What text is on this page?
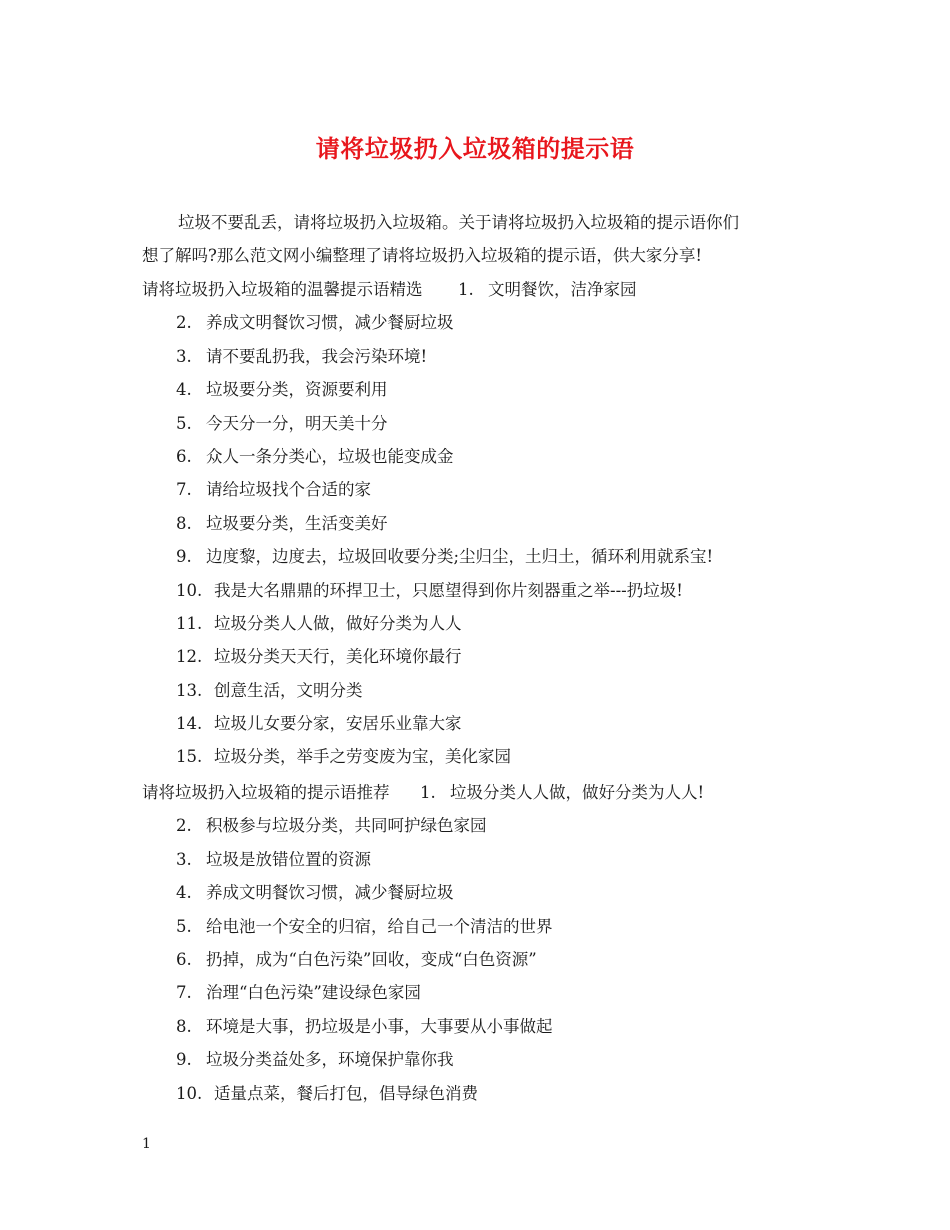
请将垃圾扔入垃圾箱的提示语
垃圾不要乱丢，请将垃圾扔入垃圾箱。关于请将垃圾扔入垃圾箱的提示语你们
想了解吗?那么范文网小编整理了请将垃圾扔入垃圾箱的提示语，供大家分享!
请将垃圾扔入垃圾箱的温馨提示语精选 1. 文明餐饮，洁净家园
2. 养成文明餐饮习惯，减少餐厨垃圾
3. 请不要乱扔我，我会污染环境!
4. 垃圾要分类，资源要利用
5. 今天分一分，明天美十分
6. 众人一条分类心，垃圾也能变成金
7. 请给垃圾找个合适的家
8. 垃圾要分类，生活变美好
9. 边度黎，边度去，垃圾回收要分类;尘归尘，土归土，循环利用就系宝!
10. 我是大名鼎鼎的环捍卫士，只愿望得到你片刻器重之举---扔垃圾!
11. 垃圾分类人人做，做好分类为人人
12. 垃圾分类天天行，美化环境你最行
13. 创意生活，文明分类
14. 垃圾儿女要分家，安居乐业靠大家
15. 垃圾分类，举手之劳变废为宝，美化家园
请将垃圾扔入垃圾箱的提示语推荐 1. 垃圾分类人人做，做好分类为人人!
2. 积极参与垃圾分类，共同呵护绿色家园
3. 垃圾是放错位置的资源
4. 养成文明餐饮习惯，减少餐厨垃圾
5. 给电池一个安全的归宿，给自己一个清洁的世界
6. 扔掉，成为“白色污染”回收，变成“白色资源”
7. 治理“白色污染”建设绿色家园
8. 环境是大事，扔垃圾是小事，大事要从小事做起
9. 垃圾分类益处多，环境保护靠你我
10. 适量点菜，餐后打包，倡导绿色消费
1
